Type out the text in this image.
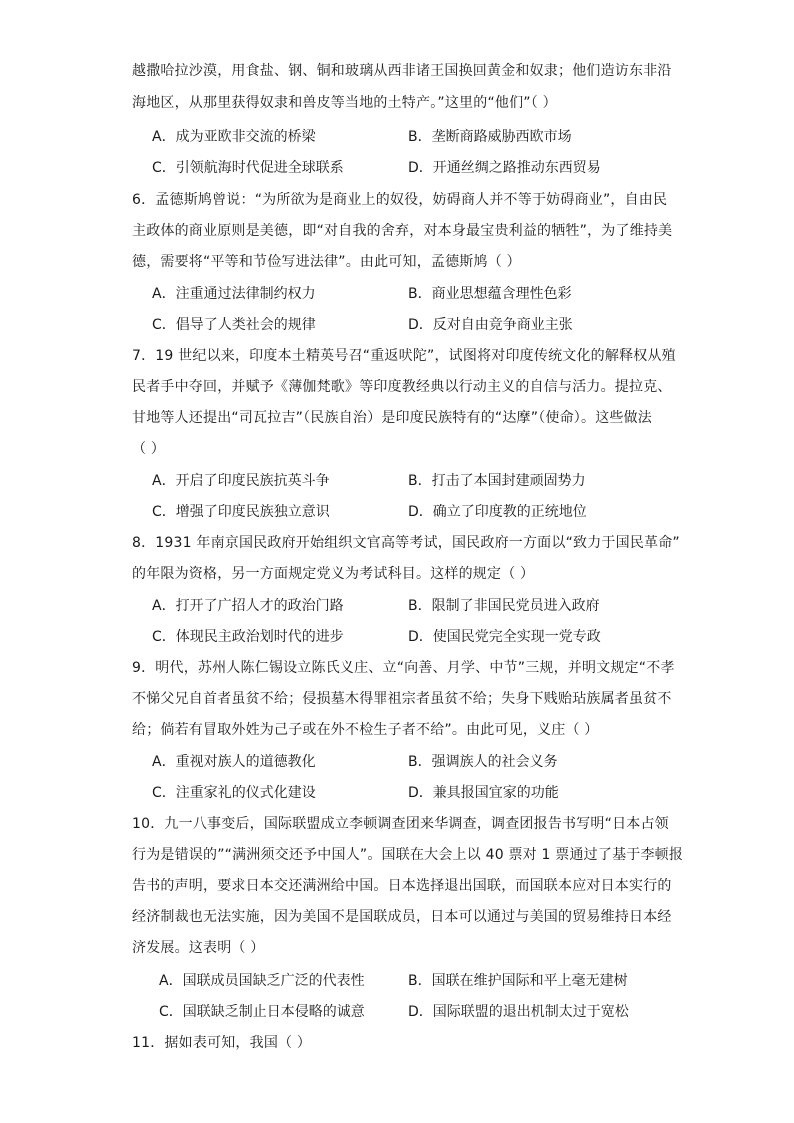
越撒哈拉沙漠，用食盐、钢、铜和玻璃从西非诸王国换回黄金和奴隶；他们造访东非沿
海地区，从那里获得奴隶和兽皮等当地的土特产。”这里的“他们”（ ）
A．成为亚欧非交流的桥梁	B．垄断商路威胁西欧市场
C．引领航海时代促进全球联系	D．开通丝绸之路推动东西贸易
6．孟德斯鸠曾说：“为所欲为是商业上的奴役，妨碍商人并不等于妨碍商业”，自由民
主政体的商业原则是美德，即“对自我的舍弃，对本身最宝贵利益的牺牲”，为了维持美
德，需要将“平等和节俭写进法律”。由此可知，孟德斯鸠（ ）
A．注重通过法律制约权力	B．商业思想蕴含理性色彩
C．倡导了人类社会的规律	D．反对自由竞争商业主张
7．19 世纪以来，印度本土精英号召“重返吠陀”，试图将对印度传统文化的解释权从殖
民者手中夺回，并赋予《薄伽梵歌》等印度教经典以行动主义的自信与活力。提拉克、
甘地等人还提出“司瓦拉吉”（民族自治）是印度民族特有的“达摩”（使命）。这些做法
（ ）
A．开启了印度民族抗英斗争	B．打击了本国封建顽固势力
C．增强了印度民族独立意识	D．确立了印度教的正统地位
8．1931 年南京国民政府开始组织文官高等考试，国民政府一方面以“致力于国民革命”
的年限为资格，另一方面规定党义为考试科目。这样的规定（ ）
A．打开了广招人才的政治门路	B．限制了非国民党员进入政府
C．体现民主政治划时代的进步	D．使国民党完全实现一党专政
9．明代，苏州人陈仁锡设立陈氏义庄、立“向善、月学、中节”三规，并明文规定“不孝
不悌父兄自首者虽贫不给；侵损墓木得罪祖宗者虽贫不给；失身下贱贻玷族属者虽贫不
给；倘若有冒取外姓为己子或在外不检生子者不给”。由此可见，义庄（ ）
A．重视对族人的道德教化	B．强调族人的社会义务
C．注重家礼的仪式化建设	D．兼具报国宜家的功能
10．九一八事变后，国际联盟成立李顿调查团来华调查，调查团报告书写明“日本占领
行为是错误的”“满洲须交还予中国人”。国联在大会上以 40 票对 1 票通过了基于李顿报
告书的声明，要求日本交还满洲给中国。日本选择退出国联，而国联本应对日本实行的
经济制裁也无法实施，因为美国不是国联成员，日本可以通过与美国的贸易维持日本经
济发展。这表明（ ）
A．国联成员国缺乏广泛的代表性	B．国联在维护国际和平上毫无建树
C．国联缺乏制止日本侵略的诚意	D．国际联盟的退出机制太过于宽松
11．据如表可知，我国（ ）
